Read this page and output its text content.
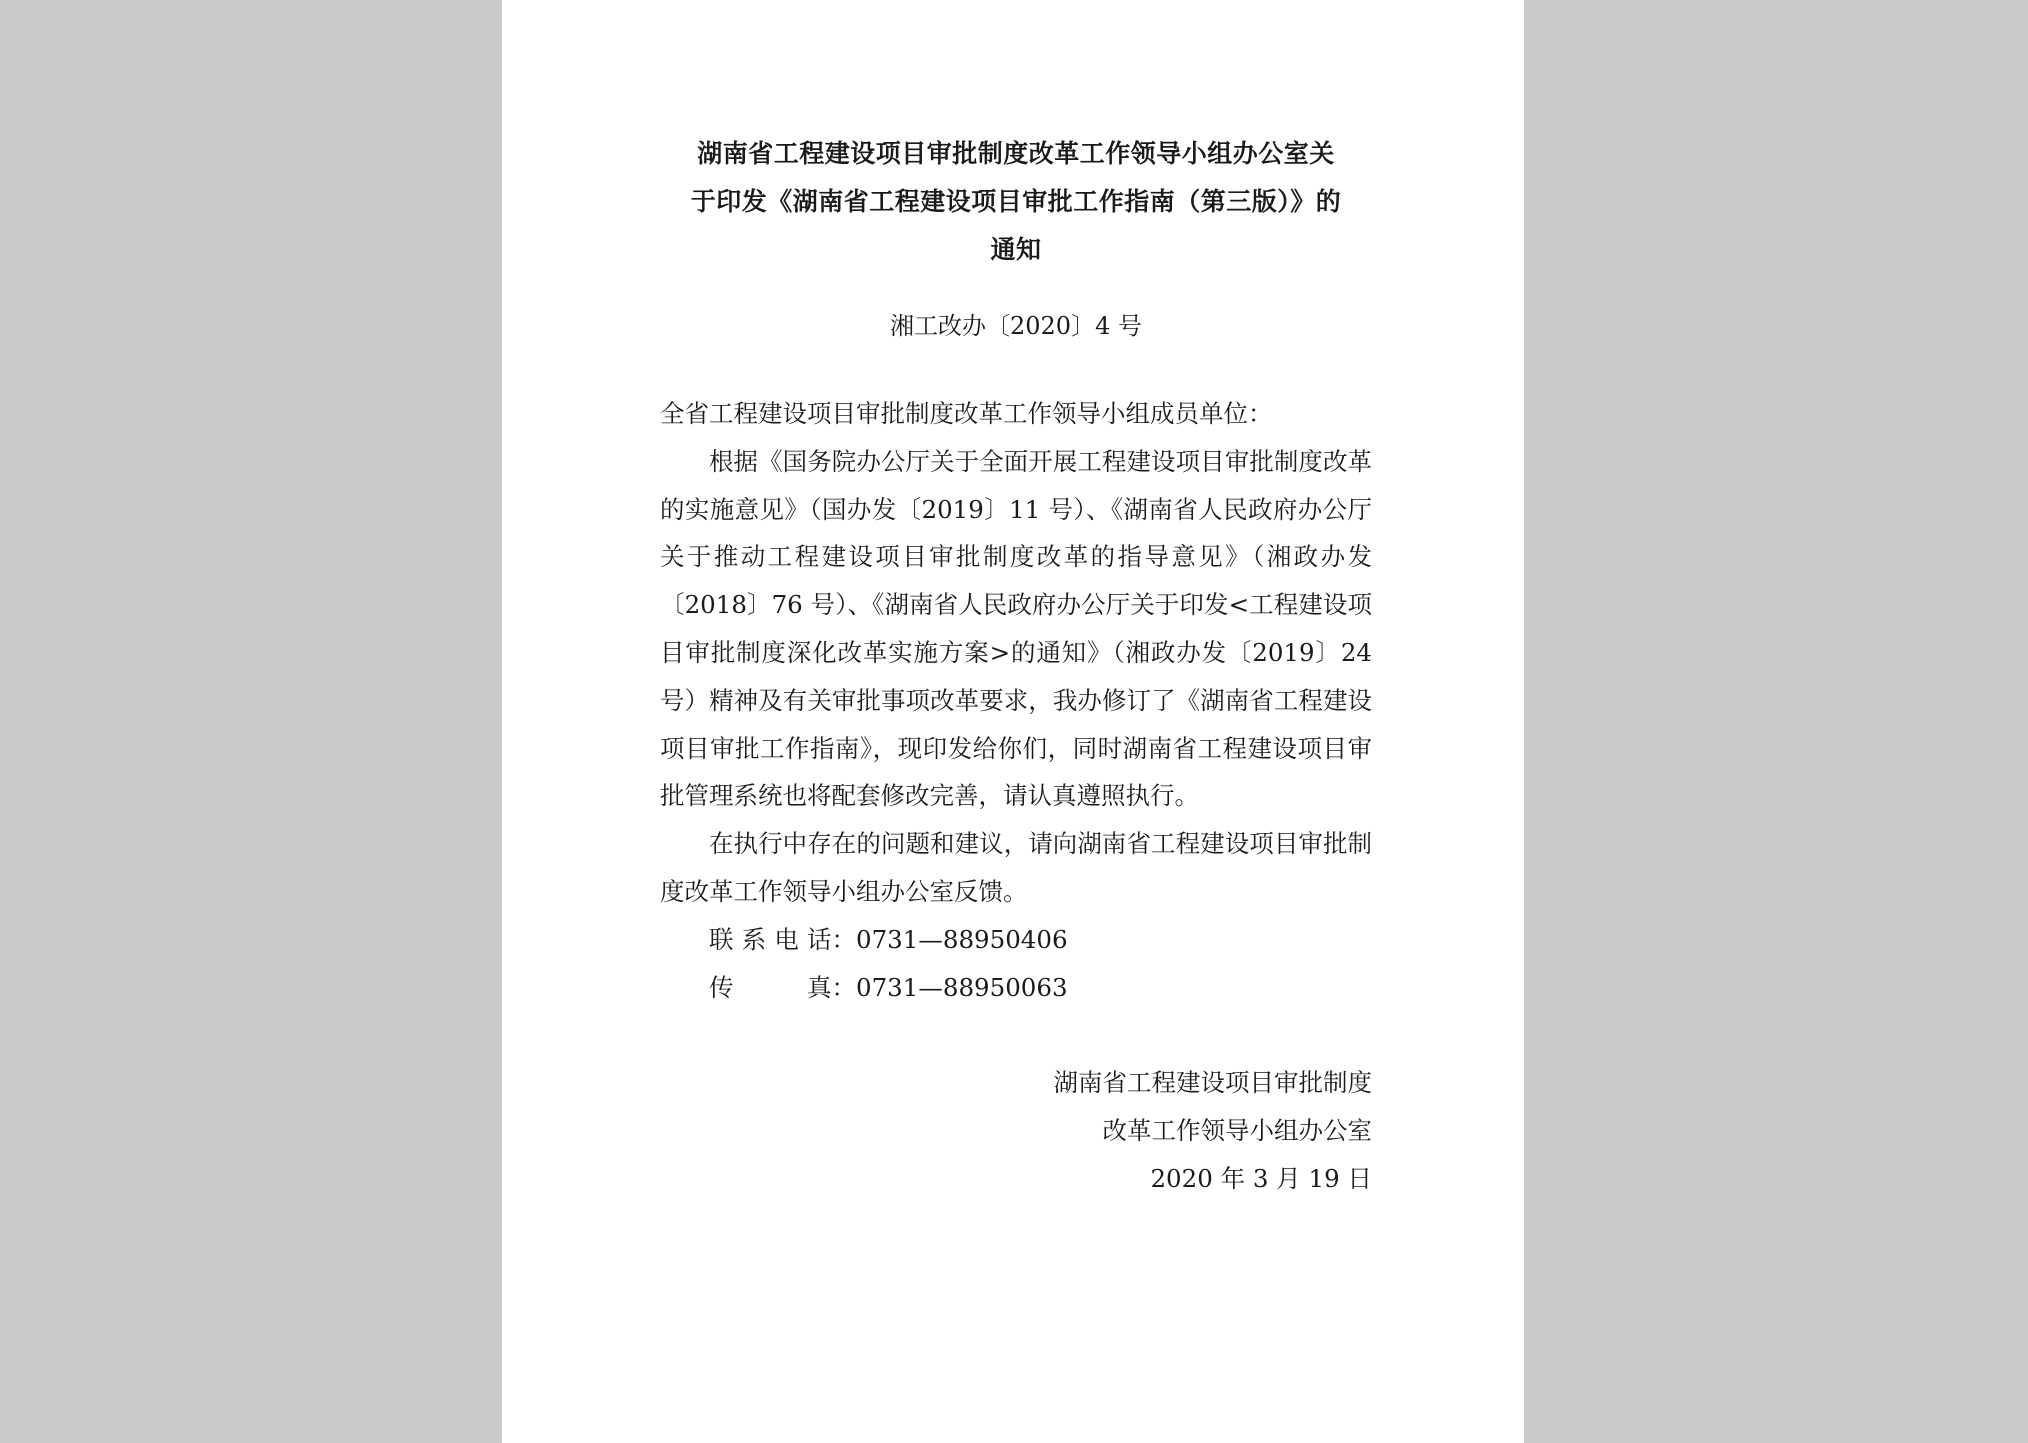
湖南省工程建设项目审批制度改革工作领导小组办公室关
于印发《湖南省工程建设项目审批工作指南（第三版）》的
通知

湘工改办〔2020〕4 号

全省工程建设项目审批制度改革工作领导小组成员单位：

根据《国务院办公厅关于全面开展工程建设项目审批制度改革的实施意见》（国办发〔2019〕11 号）、《湖南省人民政府办公厅关于推动工程建设项目审批制度改革的指导意见》（湘政办发〔2018〕76 号）、《湖南省人民政府办公厅关于印发<工程建设项目审批制度深化改革实施方案>的通知》（湘政办发〔2019〕24 号）精神及有关审批事项改革要求，我办修订了《湖南省工程建设项目审批工作指南》，现印发给你们，同时湖南省工程建设项目审批管理系统也将配套修改完善，请认真遵照执行。

在执行中存在的问题和建议，请向湖南省工程建设项目审批制度改革工作领导小组办公室反馈。

联系电话：0731—88950406

传真：0731—88950063

湖南省工程建设项目审批制度
改革工作领导小组办公室
2020 年 3 月 19 日
